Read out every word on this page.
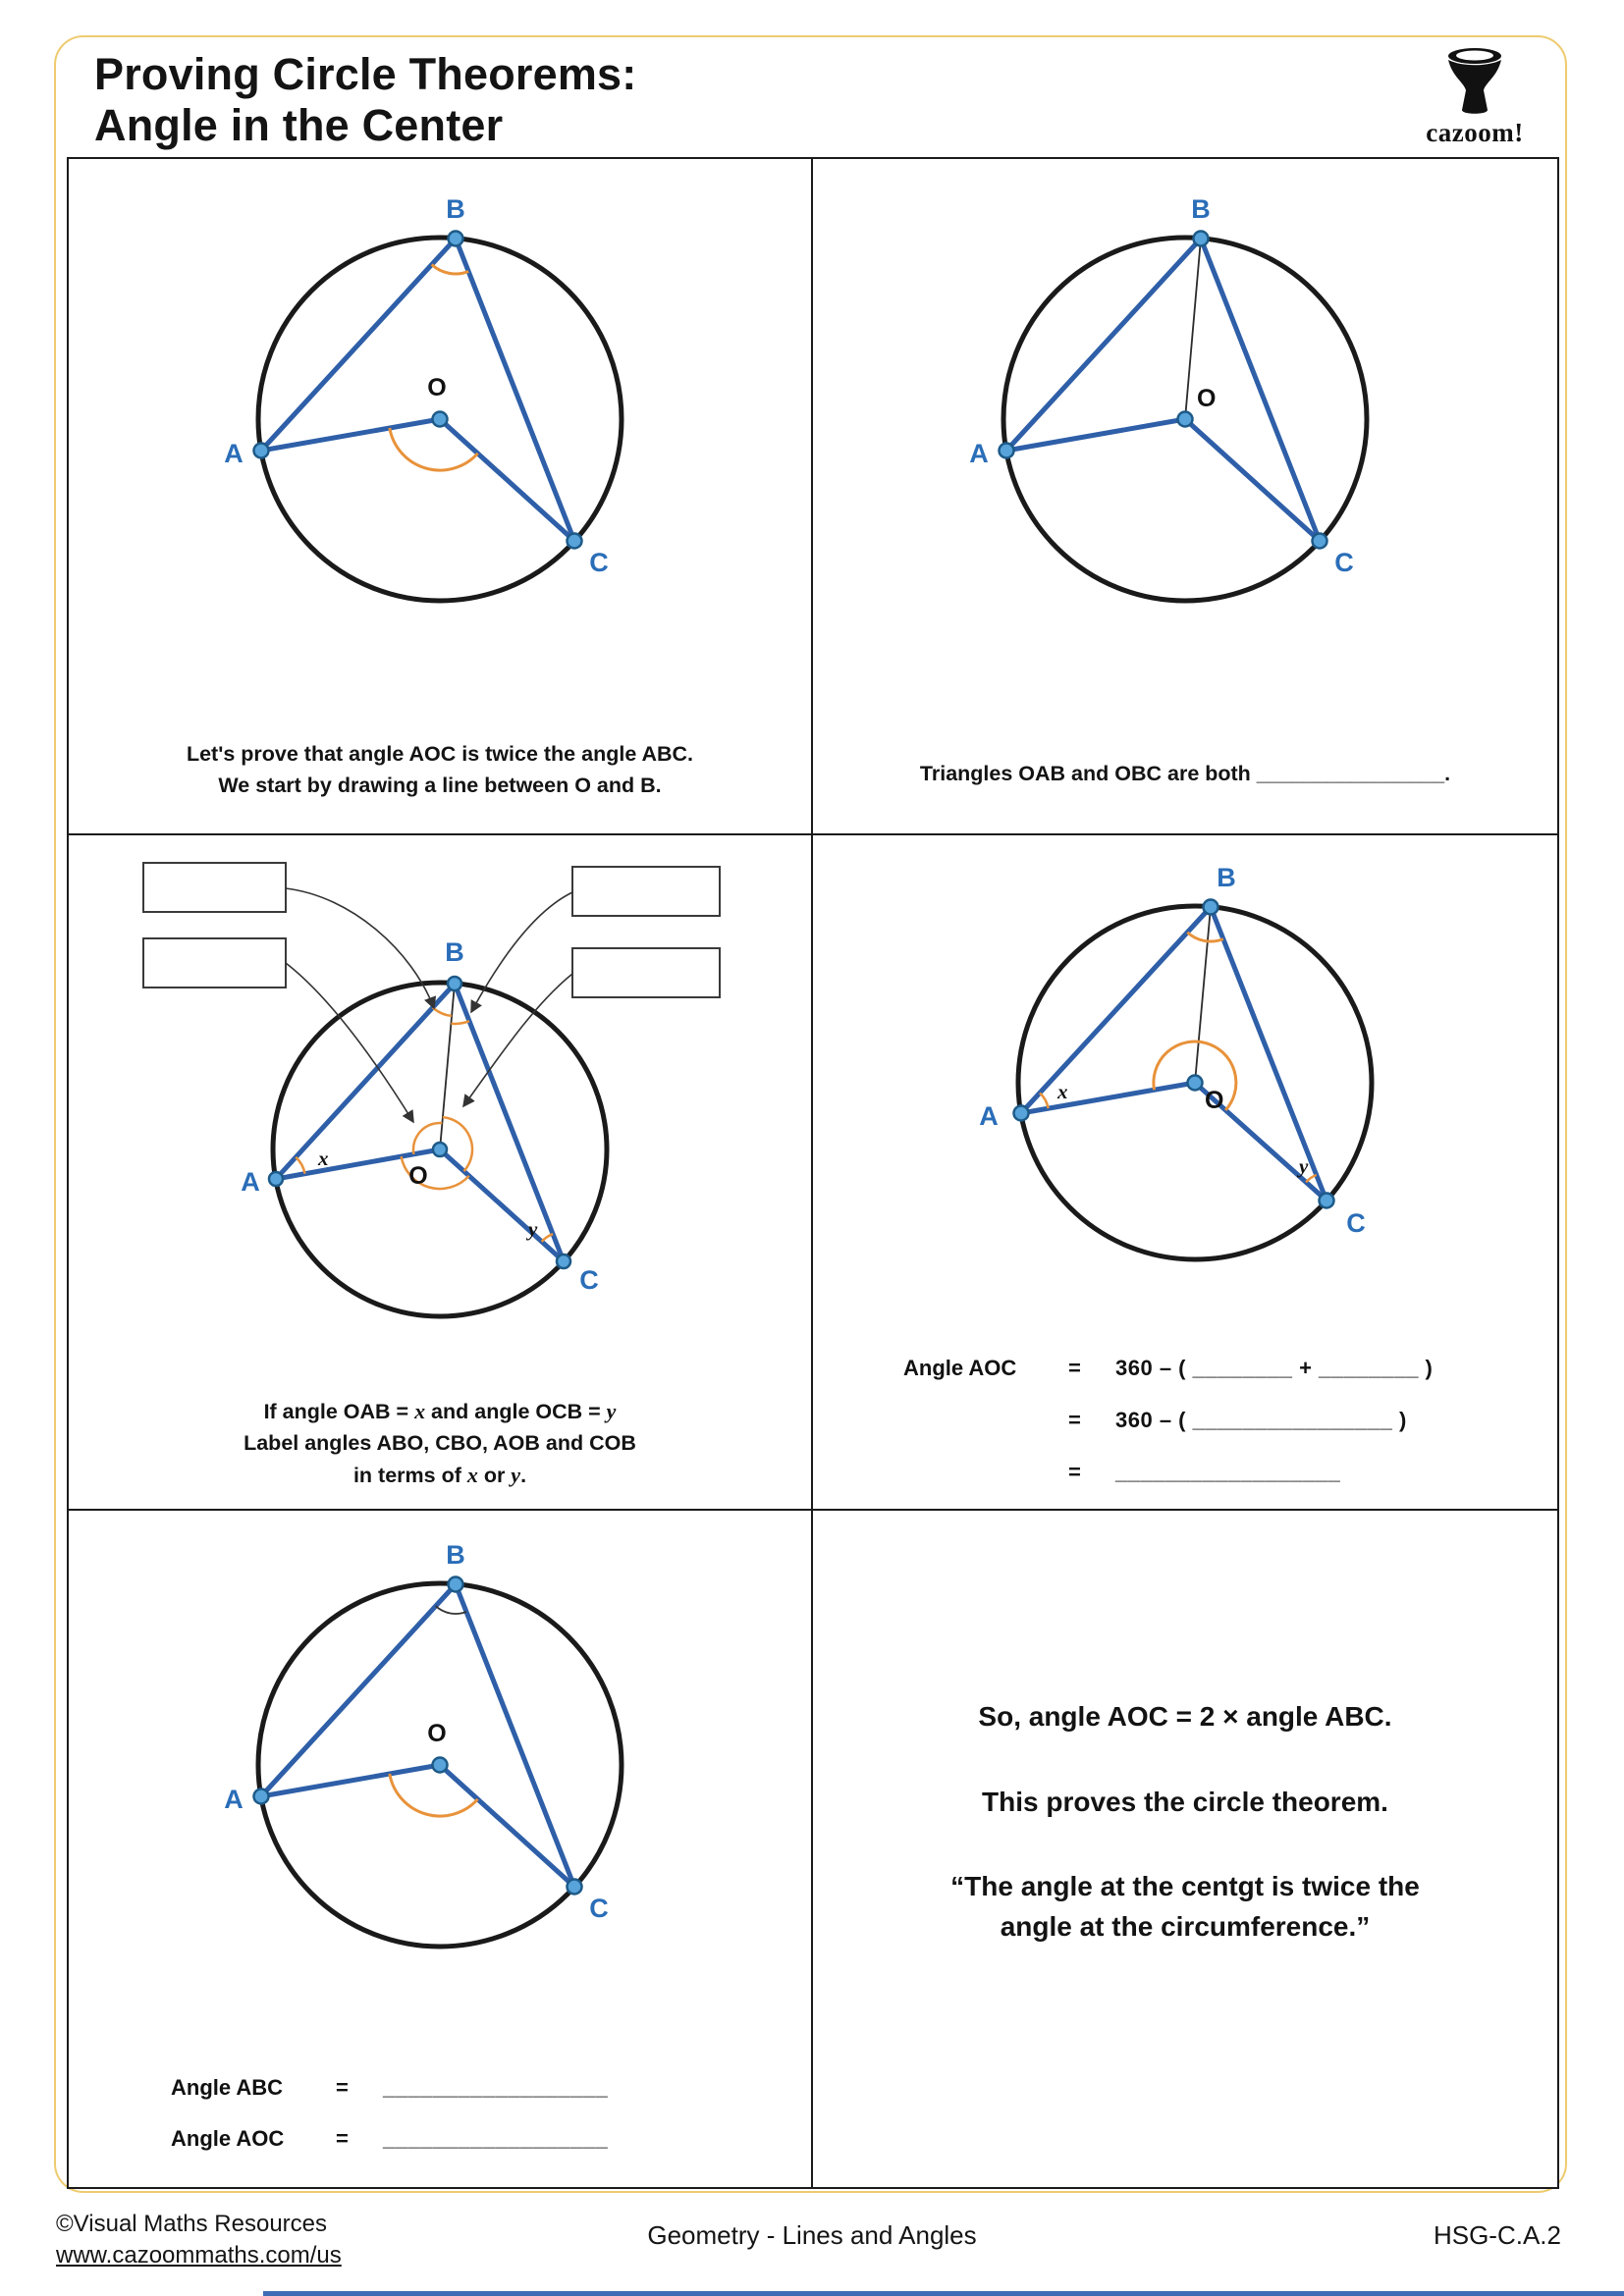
Proving Circle Theorems:
Angle in the Center	cazoom!
A
B
C
O
Let's prove that angle AOC is twice the angle ABC.
We start by drawing a line between O and B.
A
B
C
O
Triangles OAB and OBC are both ________________.
x
y
A
B
C
O
If angle OAB = x and angle OCB = y
Label angles ABO, CBO, AOB and COB
in terms of x or y.
x
y
A
B
C
O
Angle AOC	=	360 – ( ________ + ________ )
=	360 – ( ________________ )
=	__________________
A
B
C
O
Angle ABC	=	__________________
Angle AOC	=	__________________
So, angle AOC = 2 × angle ABC.
This proves the circle theorem.
“The angle at the centgt is twice the
angle at the circumference.”
©Visual Maths Resources
www.cazoommaths.com/us
Geometry - Lines and Angles	HSG-C.A.2
